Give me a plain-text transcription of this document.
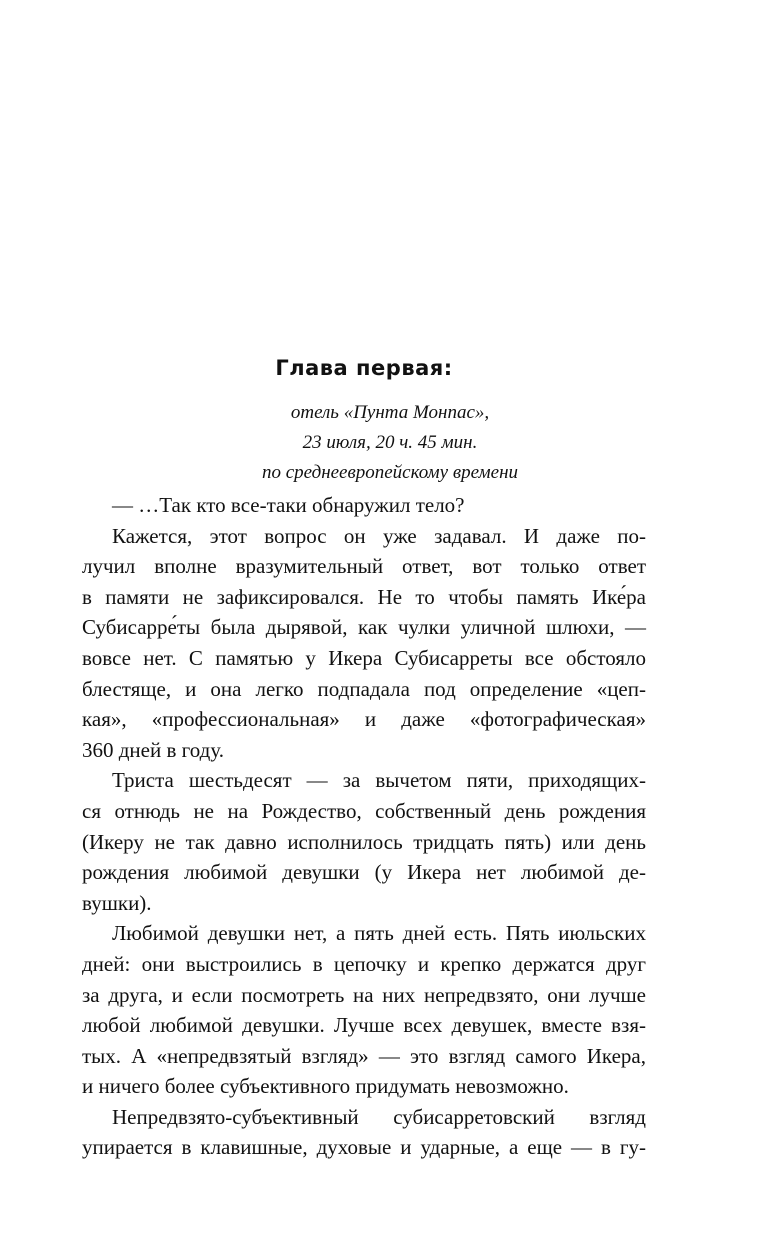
Глава первая:
отель «Пунта Монпас»,
23 июля, 20 ч. 45 мин.
по среднеевропейскому времени
— …Так кто все-таки обнаружил тело?
Кажется, этот вопрос он уже задавал. И даже по-
лучил вполне вразумительный ответ, вот только ответ
в памяти не зафиксировался. Не то чтобы память Ике́ра
Субисарре́ты была дырявой, как чулки уличной шлюхи, —
вовсе нет. С памятью у Икера Субисарреты все обстояло
блестяще, и она легко подпадала под определение «цеп-
кая», «профессиональная» и даже «фотографическая»
360 дней в году.
Триста шестьдесят — за вычетом пяти, приходящих-
ся отнюдь не на Рождество, собственный день рождения
(Икеру не так давно исполнилось тридцать пять) или день
рождения любимой девушки (у Икера нет любимой де-
вушки).
Любимой девушки нет, а пять дней есть. Пять июльских
дней: они выстроились в цепочку и крепко держатся друг
за друга, и если посмотреть на них непредвзято, они лучше
любой любимой девушки. Лучше всех девушек, вместе взя-
тых. А «непредвзятый взгляд» — это взгляд самого Икера,
и ничего более субъективного придумать невозможно.
Непредвзято-субъективный субисарретовский взгляд
упирается в клавишные, духовые и ударные, а еще — в гу-
